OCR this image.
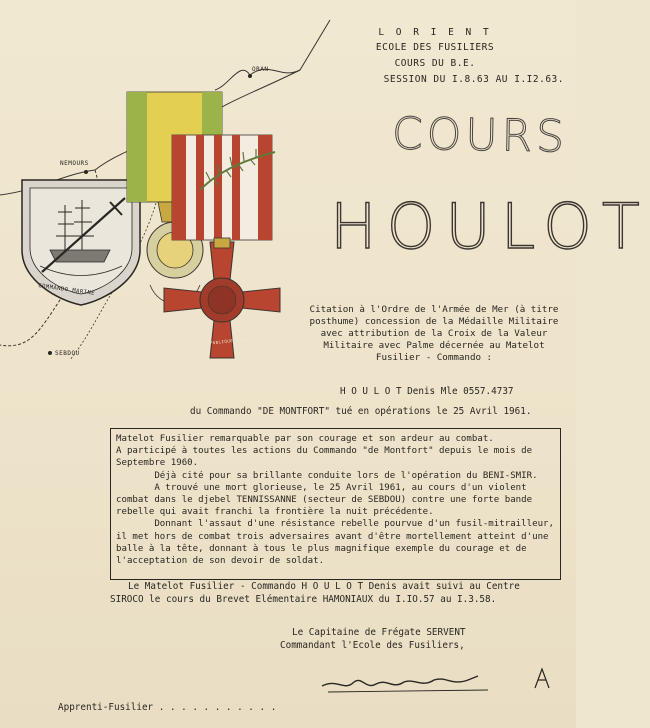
L O R I E N T
ECOLE DES FUSILIERS
COURS DU B.E.
SESSION DU I.8.63 AU I.I2.63.
COURS
HOULOT
ORAN
NEMOURS
SEBDOU
COMMANDO MARINE
REPUBLIQUE FRANCAISE
Citation à l'Ordre de l'Armée de Mer (à titre posthume) concession de la Médaille Militaire avec attribution de la Croix de la Valeur Militaire avec Palme décernée au Matelot Fusilier - Commando :
H O U L O T Denis Mle 0557.4737
du Commando "DE MONTFORT" tué en opérations le 25 Avril 1961.
Matelot Fusilier remarquable par son courage et son ardeur au combat.
A participé à toutes les actions du Commando "de Montfort" depuis le mois de
Septembre 1960.
Déjà cité pour sa brillante conduite lors de l'opération du BENI-SMIR.
A trouvé une mort glorieuse, le 25 Avril 1961, au cours d'un violent
combat dans le djebel TENNISSANNE (secteur de SEBDOU) contre une forte bande
rebelle qui avait franchi la frontière la nuit précédente.
Donnant l'assaut d'une résistance rebelle pourvue d'un fusil-mitrailleur,
il met hors de combat trois adversaires avant d'être mortellement atteint d'une
balle à la tête, donnant à tous le plus magnifique exemple du courage et de
l'acceptation de son devoir de soldat.
Le Matelot Fusilier - Commando H O U L O T Denis avait suivi au Centre
SIROCO le cours du Brevet Elémentaire HAMONIAUX du I.IO.57 au I.3.58.
Le Capitaine de Frégate SERVENT
Commandant l'Ecole des Fusiliers,
Apprenti-Fusilier . . . . . . . . . . .
